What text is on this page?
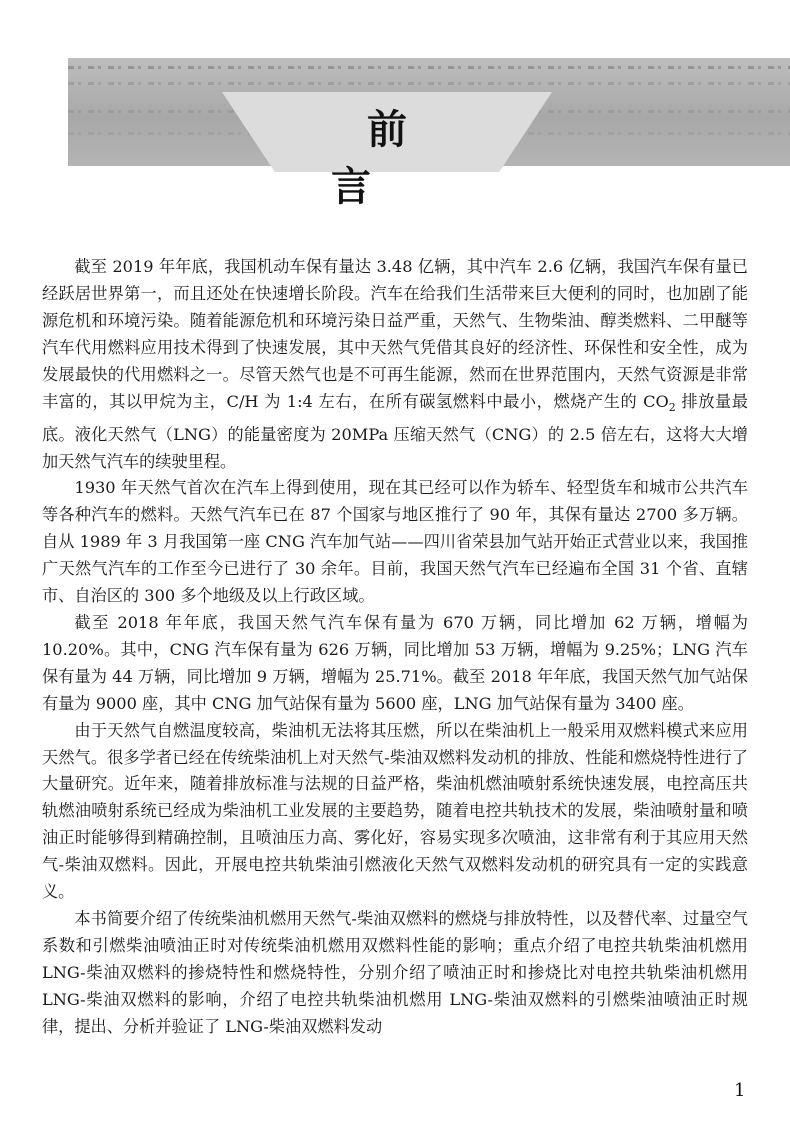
前　言

截至 2019 年年底，我国机动车保有量达 3.48 亿辆，其中汽车 2.6 亿辆，我国汽车保有量已经跃居世界第一，而且还处在快速增长阶段。汽车在给我们生活带来巨大便利的同时，也加剧了能源危机和环境污染。随着能源危机和环境污染日益严重，天然气、生物柴油、醇类燃料、二甲醚等汽车代用燃料应用技术得到了快速发展，其中天然气凭借其良好的经济性、环保性和安全性，成为发展最快的代用燃料之一。尽管天然气也是不可再生能源，然而在世界范围内，天然气资源是非常丰富的，其以甲烷为主，C/H 为 1:4 左右，在所有碳氢燃料中最小，燃烧产生的 $CO_2$ 排放量最底。液化天然气（LNG）的能量密度为 20MPa 压缩天然气（CNG）的 2.5 倍左右，这将大大增加天然气汽车的续驶里程。

1930 年天然气首次在汽车上得到使用，现在其已经可以作为轿车、轻型货车和城市公共汽车等各种汽车的燃料。天然气汽车已在 87 个国家与地区推行了 90 年，其保有量达 2700 多万辆。自从 1989 年 3 月我国第一座 CNG 汽车加气站——四川省荣县加气站开始正式营业以来，我国推广天然气汽车的工作至今已进行了 30 余年。目前，我国天然气汽车已经遍布全国 31 个省、直辖市、自治区的 300 多个地级及以上行政区域。

截至 2018 年年底，我国天然气汽车保有量为 670 万辆，同比增加 62 万辆，增幅为 10.20%。其中，CNG 汽车保有量为 626 万辆，同比增加 53 万辆，增幅为 9.25%；LNG 汽车保有量为 44 万辆，同比增加 9 万辆，增幅为 25.71%。截至 2018 年年底，我国天然气加气站保有量为 9000 座，其中 CNG 加气站保有量为 5600 座，LNG 加气站保有量为 3400 座。

由于天然气自燃温度较高，柴油机无法将其压燃，所以在柴油机上一般采用双燃料模式来应用天然气。很多学者已经在传统柴油机上对天然气-柴油双燃料发动机的排放、性能和燃烧特性进行了大量研究。近年来，随着排放标准与法规的日益严格，柴油机燃油喷射系统快速发展，电控高压共轨燃油喷射系统已经成为柴油机工业发展的主要趋势，随着电控共轨技术的发展，柴油喷射量和喷油正时能够得到精确控制，且喷油压力高、雾化好，容易实现多次喷油，这非常有利于其应用天然气-柴油双燃料。因此，开展电控共轨柴油引燃液化天然气双燃料发动机的研究具有一定的实践意义。

本书简要介绍了传统柴油机燃用天然气-柴油双燃料的燃烧与排放特性，以及替代率、过量空气系数和引燃柴油喷油正时对传统柴油机燃用双燃料性能的影响；重点介绍了电控共轨柴油机燃用 LNG-柴油双燃料的掺烧特性和燃烧特性，分别介绍了喷油正时和掺烧比对电控共轨柴油机燃用 LNG-柴油双燃料的影响，介绍了电控共轨柴油机燃用 LNG-柴油双燃料的引燃柴油喷油正时规律，提出、分析并验证了 LNG-柴油双燃料发动

1
